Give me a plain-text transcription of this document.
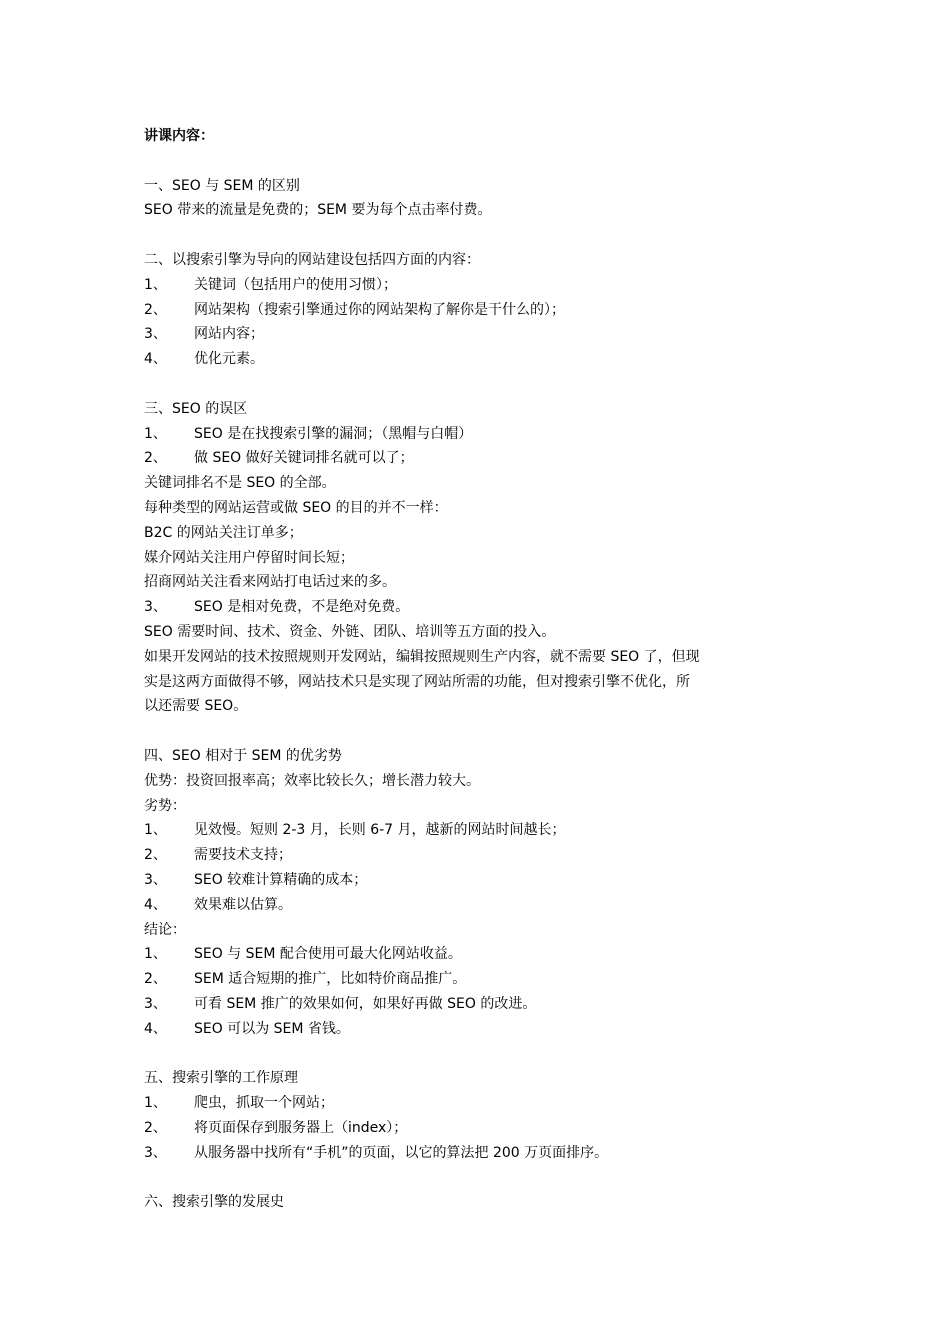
讲课内容：
一、SEO 与 SEM 的区别
SEO 带来的流量是免费的；SEM 要为每个点击率付费。
二、以搜索引擎为导向的网站建设包括四方面的内容：
1、 关键词（包括用户的使用习惯）；
2、 网站架构（搜索引擎通过你的网站架构了解你是干什么的）；
3、 网站内容；
4、 优化元素。
三、SEO 的误区
1、 SEO 是在找搜索引擎的漏洞；（黑帽与白帽）
2、 做 SEO 做好关键词排名就可以了；
关键词排名不是 SEO 的全部。
每种类型的网站运营或做 SEO 的目的并不一样：
B2C 的网站关注订单多；
媒介网站关注用户停留时间长短；
招商网站关注看来网站打电话过来的多。
3、 SEO 是相对免费，不是绝对免费。
SEO 需要时间、技术、资金、外链、团队、培训等五方面的投入。
如果开发网站的技术按照规则开发网站，编辑按照规则生产内容，就不需要 SEO 了，但现
实是这两方面做得不够，网站技术只是实现了网站所需的功能，但对搜索引擎不优化，所
以还需要 SEO。
四、SEO 相对于 SEM 的优劣势
优势：投资回报率高；效率比较长久；增长潜力较大。
劣势：
1、 见效慢。短则 2-3 月，长则 6-7 月，越新的网站时间越长；
2、 需要技术支持；
3、 SEO 较难计算精确的成本；
4、 效果难以估算。
结论：
1、 SEO 与 SEM 配合使用可最大化网站收益。
2、 SEM 适合短期的推广，比如特价商品推广。
3、 可看 SEM 推广的效果如何，如果好再做 SEO 的改进。
4、 SEO 可以为 SEM 省钱。
五、搜索引擎的工作原理
1、 爬虫，抓取一个网站；
2、 将页面保存到服务器上（index）；
3、 从服务器中找所有“手机”的页面，以它的算法把 200 万页面排序。
六、搜索引擎的发展史
